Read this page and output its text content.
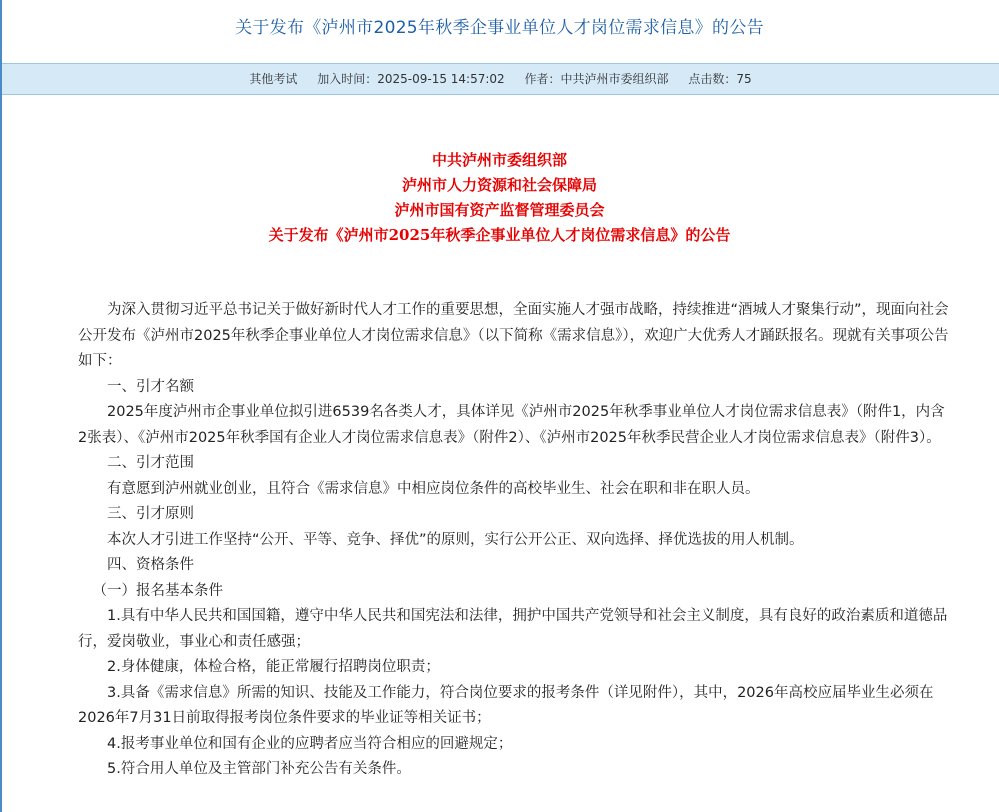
关于发布《泸州市2025年秋季企事业单位人才岗位需求信息》的公告
其他考试 加入时间：2025-09-15 14:57:02 作者：中共泸州市委组织部 点击数：75
中共泸州市委组织部
泸州市人力资源和社会保障局
泸州市国有资产监督管理委员会
关于发布《泸州市2025年秋季企事业单位人才岗位需求信息》的公告

为深入贯彻习近平总书记关于做好新时代人才工作的重要思想，全面实施人才强市战略，持续推进“酒城人才聚集行动”，现面向社会公开发布《泸州市2025年秋季企事业单位人才岗位需求信息》（以下简称《需求信息》），欢迎广大优秀人才踊跃报名。现就有关事项公告如下：

一、引才名额

2025年度泸州市企事业单位拟引进6539名各类人才，具体详见《泸州市2025年秋季事业单位人才岗位需求信息表》（附件1，内含2张表）、《泸州市2025年秋季国有企业人才岗位需求信息表》（附件2）、《泸州市2025年秋季民营企业人才岗位需求信息表》（附件3）。

二、引才范围

有意愿到泸州就业创业，且符合《需求信息》中相应岗位条件的高校毕业生、社会在职和非在职人员。

三、引才原则

本次人才引进工作坚持“公开、平等、竞争、择优”的原则，实行公开公正、双向选择、择优选拔的用人机制。

四、资格条件

（一）报名基本条件

1.具有中华人民共和国国籍，遵守中华人民共和国宪法和法律，拥护中国共产党领导和社会主义制度，具有良好的政治素质和道德品行，爱岗敬业，事业心和责任感强；

2.身体健康，体检合格，能正常履行招聘岗位职责；

3.具备《需求信息》所需的知识、技能及工作能力，符合岗位要求的报考条件（详见附件），其中，2026年高校应届毕业生必须在2026年7月31日前取得报考岗位条件要求的毕业证等相关证书；

4.报考事业单位和国有企业的应聘者应当符合相应的回避规定；

5.符合用人单位及主管部门补充公告有关条件。
